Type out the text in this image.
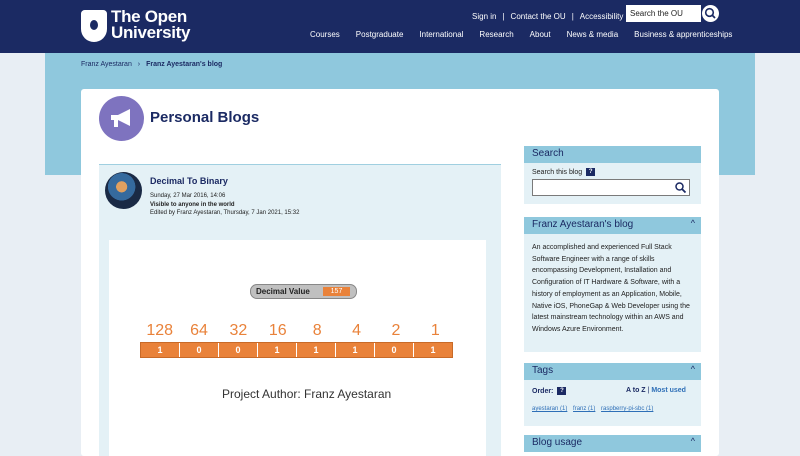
The Open
University
Sign in | Contact the OU | Accessibility Search the OU
Courses Postgraduate International Research About News & media Business & apprenticeships
Franz Ayestaran › Franz Ayestaran's blog
Personal Blogs
Decimal To Binary
Sunday, 27 Mar 2016, 14:06
Visible to anyone in the world
Edited by Franz Ayestaran, Thursday, 7 Jan 2021, 15:32
Decimal Value	157
128	64	32	16	8	4	2	1
1	0	0	1	1	1	0	1
Project Author: Franz Ayestaran
Search
Search this blog ?
Franz Ayestaran's blog	^
An accomplished and experienced Full Stack Software Engineer with a range of skills encompassing Development, Installation and Configuration of IT Hardware & Software, with a history of employment as an Application, Mobile, Native iOS, PhoneGap & Web Developer using the latest mainstream technology within an AWS and Windows Azure Environment.
Tags	^
Order: ?	A to Z | Most used
ayestaran (1) franz (1) raspberry-pi-sbc (1)
Blog usage	^
